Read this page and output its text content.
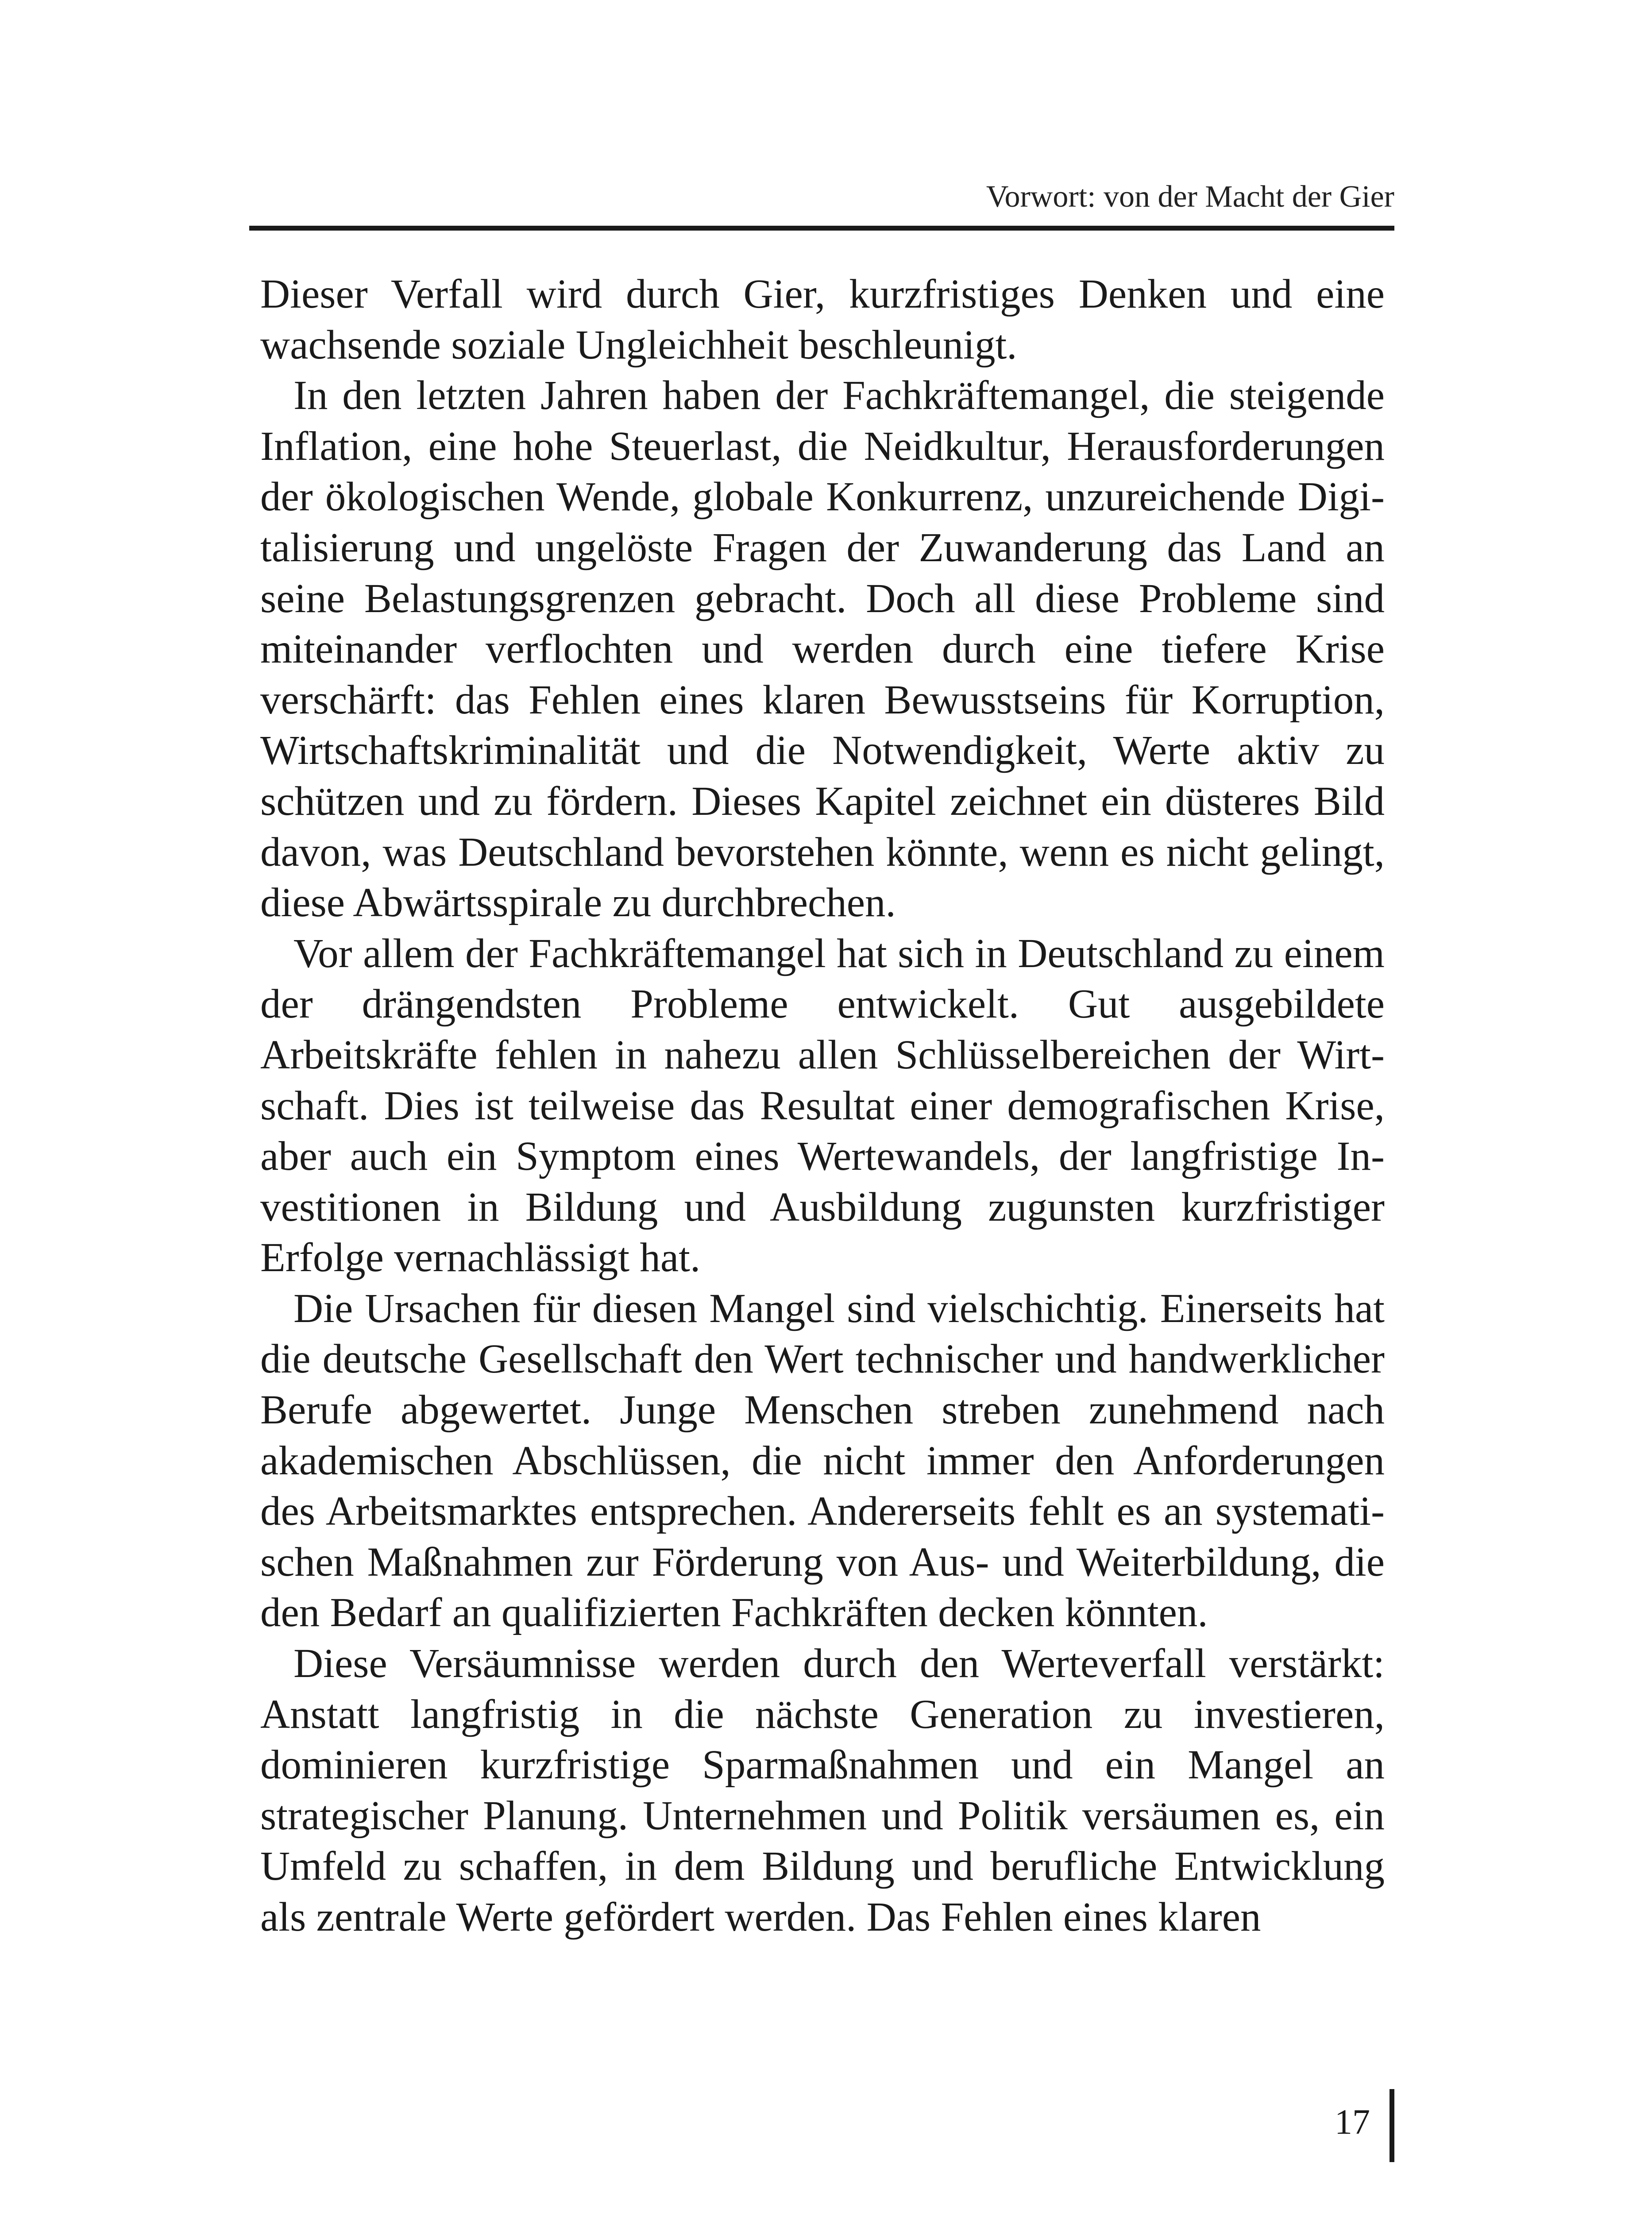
Vorwort: von der Macht der Gier

Dieser Verfall wird durch Gier, kurzfristiges Denken und eine wachsende soziale Ungleichheit beschleunigt.

In den letzten Jahren haben der Fachkräftemangel, die steigende Inflation, eine hohe Steuerlast, die Neidkultur, Herausforderungen der ökologischen Wende, globale Konkurrenz, unzureichende Digitalisierung und ungelöste Fragen der Zuwanderung das Land an seine Belastungsgrenzen gebracht. Doch all diese Probleme sind miteinander verflochten und werden durch eine tiefere Krise verschärft: das Fehlen eines klaren Bewusstseins für Korruption, Wirtschaftskriminalität und die Notwendigkeit, Werte aktiv zu schützen und zu fördern. Dieses Kapitel zeichnet ein düsteres Bild davon, was Deutschland bevorstehen könnte, wenn es nicht gelingt, diese Abwärtsspirale zu durchbrechen.

Vor allem der Fachkräftemangel hat sich in Deutschland zu einem der drängendsten Probleme entwickelt. Gut ausgebildete Arbeitskräfte fehlen in nahezu allen Schlüsselbereichen der Wirtschaft. Dies ist teilweise das Resultat einer demografischen Krise, aber auch ein Symptom eines Wertewandels, der langfristige Investitionen in Bildung und Ausbildung zugunsten kurzfristiger Erfolge vernachlässigt hat.

Die Ursachen für diesen Mangel sind vielschichtig. Einerseits hat die deutsche Gesellschaft den Wert technischer und handwerklicher Berufe abgewertet. Junge Menschen streben zunehmend nach akademischen Abschlüssen, die nicht immer den Anforderungen des Arbeitsmarktes entsprechen. Andererseits fehlt es an systematischen Maßnahmen zur Förderung von Aus- und Weiterbildung, die den Bedarf an qualifizierten Fachkräften decken könnten.

Diese Versäumnisse werden durch den Werteverfall verstärkt: Anstatt langfristig in die nächste Generation zu investieren, dominieren kurzfristige Sparmaßnahmen und ein Mangel an strategischer Planung. Unternehmen und Politik versäumen es, ein Umfeld zu schaffen, in dem Bildung und berufliche Entwicklung als zentrale Werte gefördert werden. Das Fehlen eines klaren

17
